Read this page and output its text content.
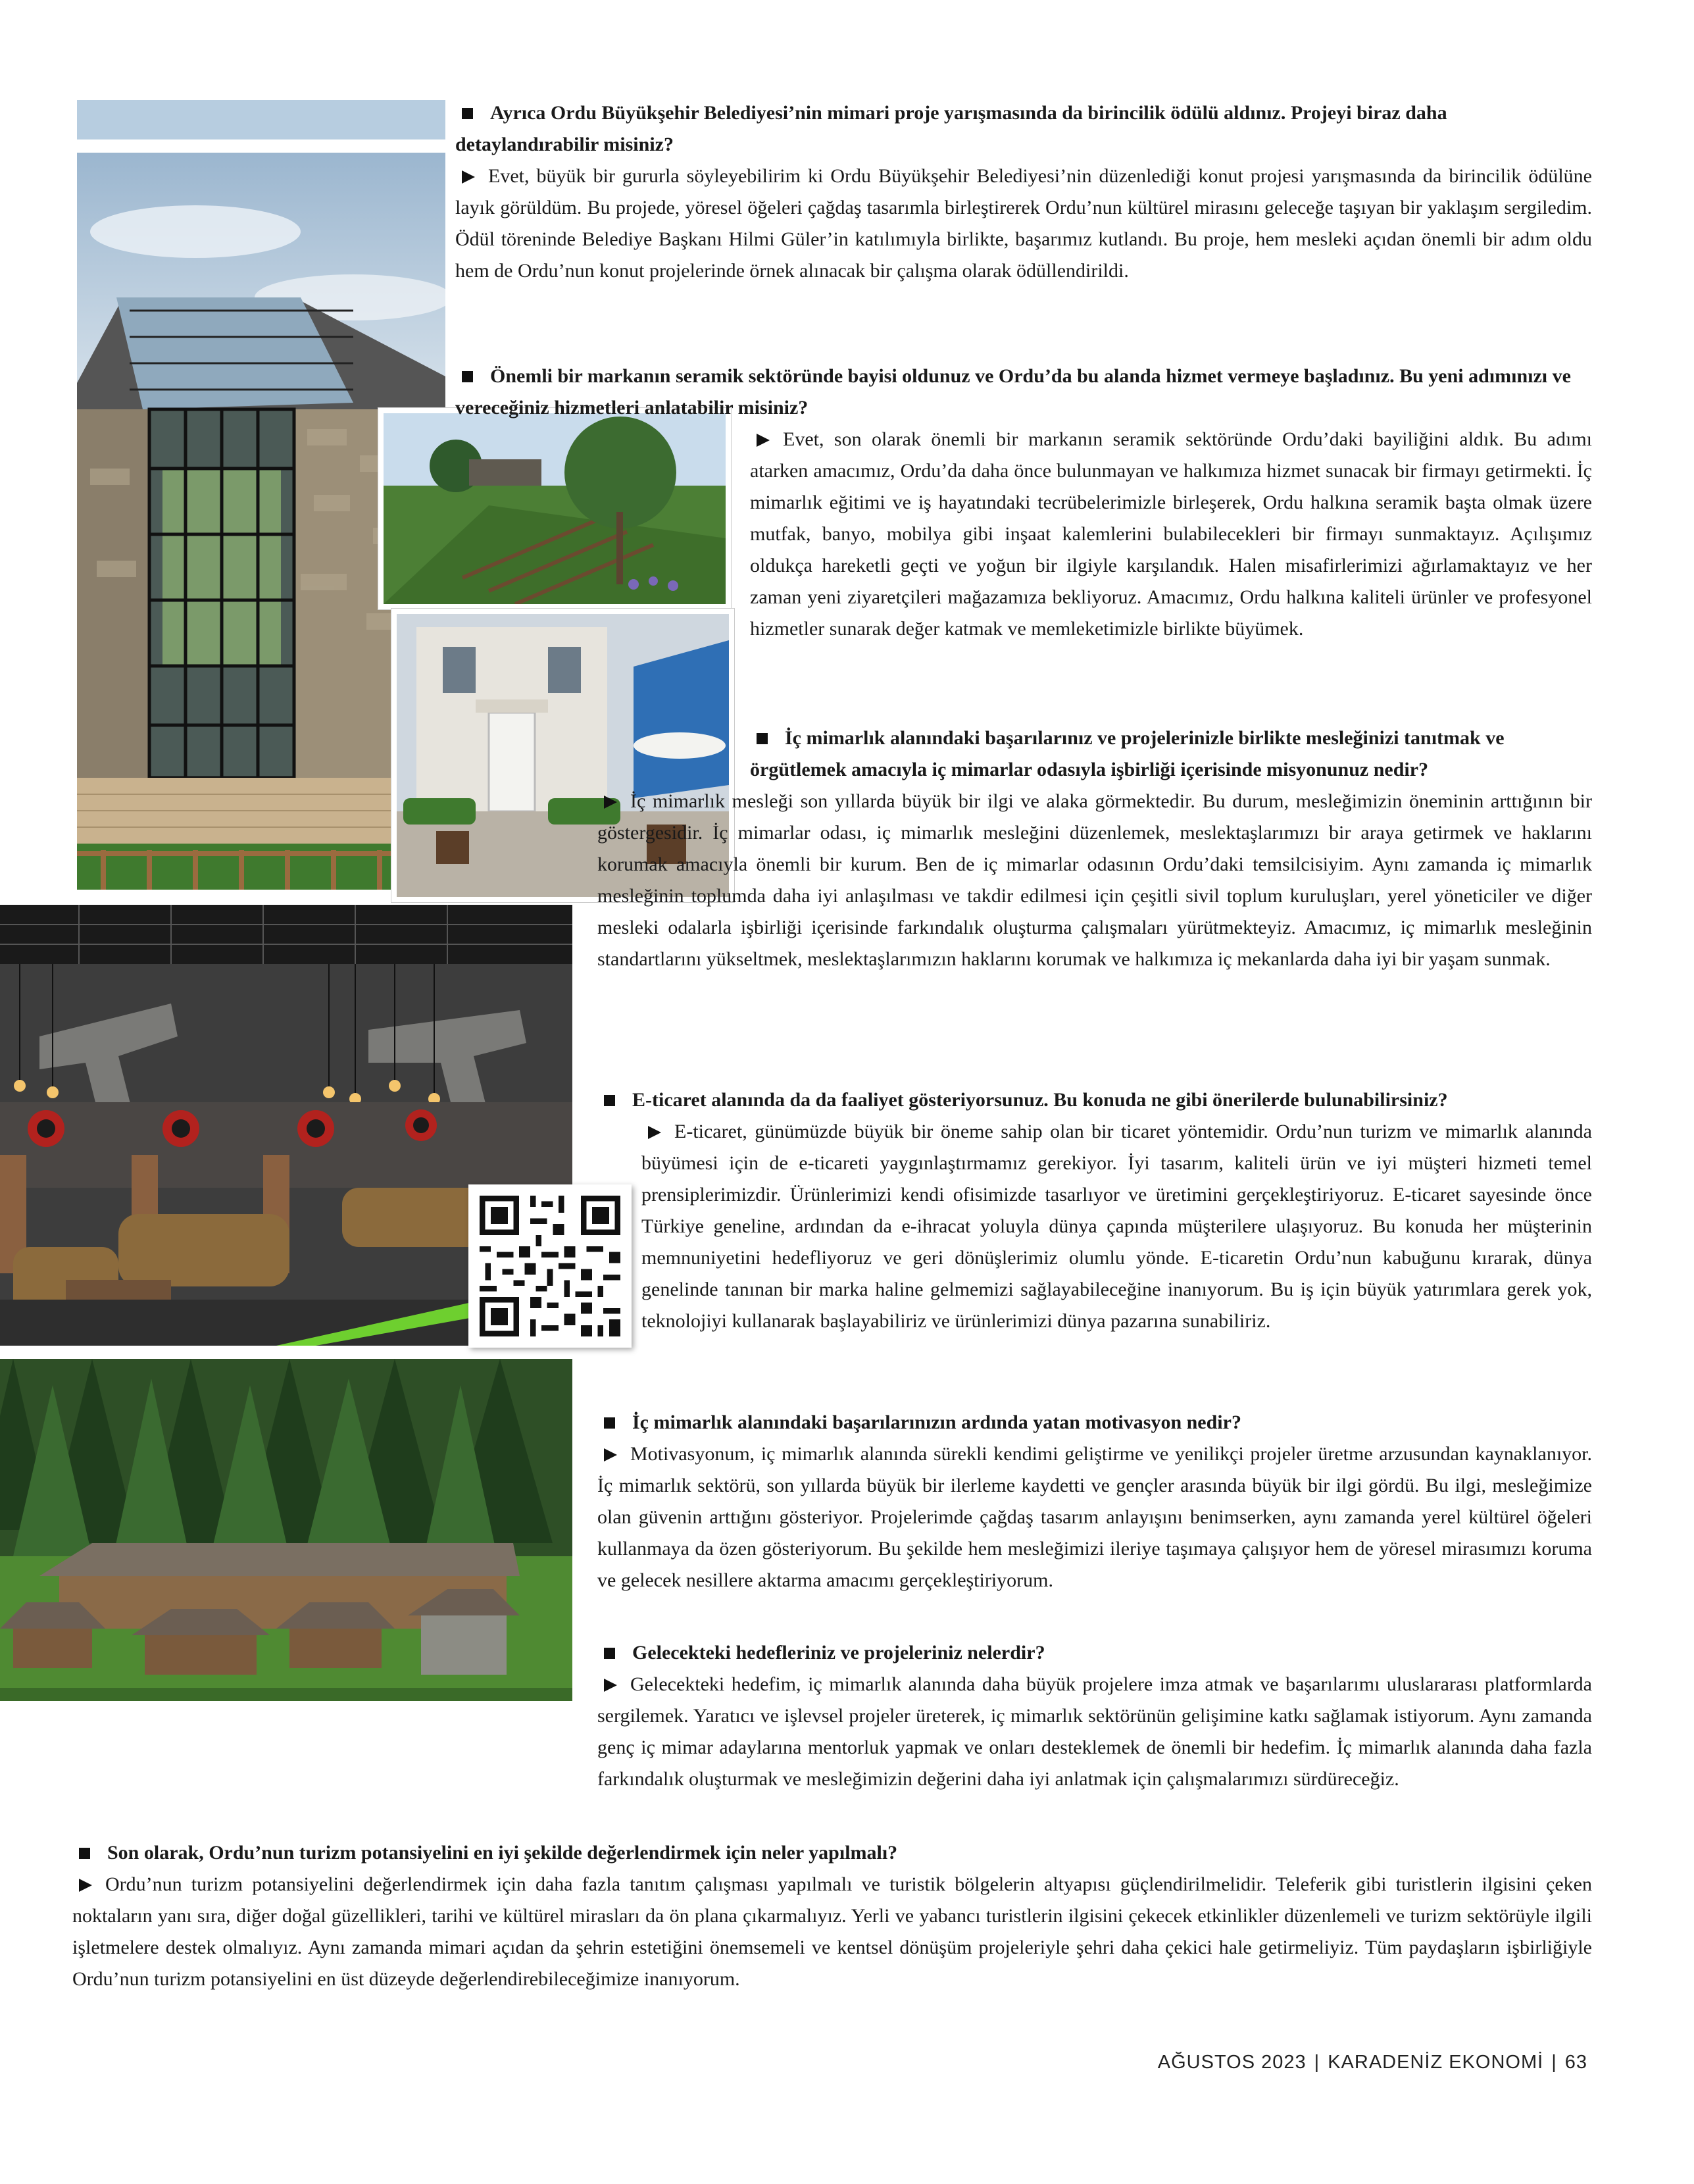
Ayrıca Ordu Büyükşehir Belediyesi’nin mimari proje yarışmasında da birincilik ödülü aldınız. Projeyi biraz daha detaylandırabilir misiniz?

Evet, büyük bir gururla söyleyebilirim ki Ordu Büyükşehir Belediyesi’nin düzenlediği konut projesi yarışmasında da birincilik ödülüne layık görüldüm. Bu projede, yöresel öğeleri çağdaş tasarımla birleştirerek Ordu’nun kültürel mirasını geleceğe taşıyan bir yaklaşım sergiledim. Ödül töreninde Belediye Başkanı Hilmi Güler’in katılımıyla birlikte, başarımız kutlandı. Bu proje, hem mesleki açıdan önemli bir adım oldu hem de Ordu’nun konut projelerinde örnek alınacak bir çalışma olarak ödüllendirildi.

Önemli bir markanın seramik sektöründe bayisi oldunuz ve Ordu’da bu alanda hizmet vermeye başladınız. Bu yeni adımınızı ve vereceğiniz hizmetleri anlatabilir misiniz?

Evet, son olarak önemli bir markanın seramik sektöründe Ordu’daki bayiliğini aldık. Bu adımı atarken amacımız, Ordu’da daha önce bulunmayan ve halkımıza hizmet sunacak bir firmayı getirmekti. İç mimarlık eğitimi ve iş hayatındaki tecrübelerimizle birleşerek, Ordu halkına seramik başta olmak üzere mutfak, banyo, mobilya gibi inşaat kalemlerini bulabilecekleri bir firmayı sunmaktayız. Açılışımız oldukça hareketli geçti ve yoğun bir ilgiyle karşılandık. Halen misafirlerimizi ağırlamaktayız ve her zaman yeni ziyaretçileri mağazamıza bekliyoruz. Amacımız, Ordu halkına kaliteli ürünler ve profesyonel hizmetler sunarak değer katmak ve memleketimizle birlikte büyümek.

İç mimarlık alanındaki başarılarınız ve projelerinizle birlikte mesleğinizi tanıtmak ve örgütlemek amacıyla iç mimarlar odasıyla işbirliği içerisinde misyonunuz nedir?

İç mimarlık mesleği son yıllarda büyük bir ilgi ve alaka görmektedir. Bu durum, mesleğimizin öneminin arttığının bir göstergesidir. İç mimarlar odası, iç mimarlık mesleğini düzenlemek, meslektaşlarımızı bir araya getirmek ve haklarını korumak amacıyla önemli bir kurum. Ben de iç mimarlar odasının Ordu’daki temsilcisiyim. Aynı zamanda iç mimarlık mesleğinin toplumda daha iyi anlaşılması ve takdir edilmesi için çeşitli sivil toplum kuruluşları, yerel yöneticiler ve diğer mesleki odalarla işbirliği içerisinde farkındalık oluşturma çalışmaları yürütmekteyiz. Amacımız, iç mimarlık mesleğinin standartlarını yükseltmek, meslektaşlarımızın haklarını korumak ve halkımıza iç mekanlarda daha iyi bir yaşam sunmak.

E-ticaret alanında da da faaliyet gösteriyorsunuz. Bu konuda ne gibi önerilerde bulunabilirsiniz?

E-ticaret, günümüzde büyük bir öneme sahip olan bir ticaret yöntemidir. Ordu’nun turizm ve mimarlık alanında büyümesi için de e-ticareti yaygınlaştırmamız gerekiyor. İyi tasarım, kaliteli ürün ve iyi müşteri hizmeti temel prensiplerimizdir. Ürünlerimizi kendi ofisimizde tasarlıyor ve üretimini gerçekleştiriyoruz. E-ticaret sayesinde önce Türkiye geneline, ardından da e-ihracat yoluyla dünya çapında müşterilere ulaşıyoruz. Bu konuda her müşterinin memnuniyetini hedefliyoruz ve geri dönüşlerimiz olumlu yönde. E-ticaretin Ordu’nun kabuğunu kırarak, dünya genelinde tanınan bir marka haline gelmemizi sağlayabileceğine inanıyorum. Bu iş için büyük yatırımlara gerek yok, teknolojiyi kullanarak başlayabiliriz ve ürünlerimizi dünya pazarına sunabiliriz.

İç mimarlık alanındaki başarılarınızın ardında yatan motivasyon nedir?

Motivasyonum, iç mimarlık alanında sürekli kendimi geliştirme ve yenilikçi projeler üretme arzusundan kaynaklanıyor. İç mimarlık sektörü, son yıllarda büyük bir ilerleme kaydetti ve gençler arasında büyük bir ilgi gördü. Bu ilgi, mesleğimize olan güvenin arttığını gösteriyor. Projelerimde çağdaş tasarım anlayışını benimserken, aynı zamanda yerel kültürel öğeleri kullanmaya da özen gösteriyorum. Bu şekilde hem mesleğimizi ileriye taşımaya çalışıyor hem de yöresel mirasımızı koruma ve gelecek nesillere aktarma amacımı gerçekleştiriyorum.

Gelecekteki hedefleriniz ve projeleriniz nelerdir?

Gelecekteki hedefim, iç mimarlık alanında daha büyük projelere imza atmak ve başarılarımı uluslararası platformlarda sergilemek. Yaratıcı ve işlevsel projeler üreterek, iç mimarlık sektörünün gelişimine katkı sağlamak istiyorum. Aynı zamanda genç iç mimar adaylarına mentorluk yapmak ve onları desteklemek de önemli bir hedefim. İç mimarlık alanında daha fazla farkındalık oluşturmak ve mesleğimizin değerini daha iyi anlatmak için çalışmalarımızı sürdüreceğiz.

Son olarak, Ordu’nun turizm potansiyelini en iyi şekilde değerlendirmek için neler yapılmalı?

Ordu’nun turizm potansiyelini değerlendirmek için daha fazla tanıtım çalışması yapılmalı ve turistik bölgelerin altyapısı güçlendirilmelidir. Teleferik gibi turistlerin ilgisini çeken noktaların yanı sıra, diğer doğal güzellikleri, tarihi ve kültürel mirasları da ön plana çıkarmalıyız. Yerli ve yabancı turistlerin ilgisini çekecek etkinlikler düzenlemeli ve turizm sektörüyle ilgili işletmelere destek olmalıyız. Aynı zamanda mimari açıdan da şehrin estetiğini önemsemeli ve kentsel dönüşüm projeleriyle şehri daha çekici hale getirmeliyiz. Tüm paydaşların işbirliğiyle Ordu’nun turizm potansiyelini en üst düzeyde değerlendirebileceğimize inanıyorum.

AĞUSTOS 2023 | KARADENİZ EKONOMİ | 63
